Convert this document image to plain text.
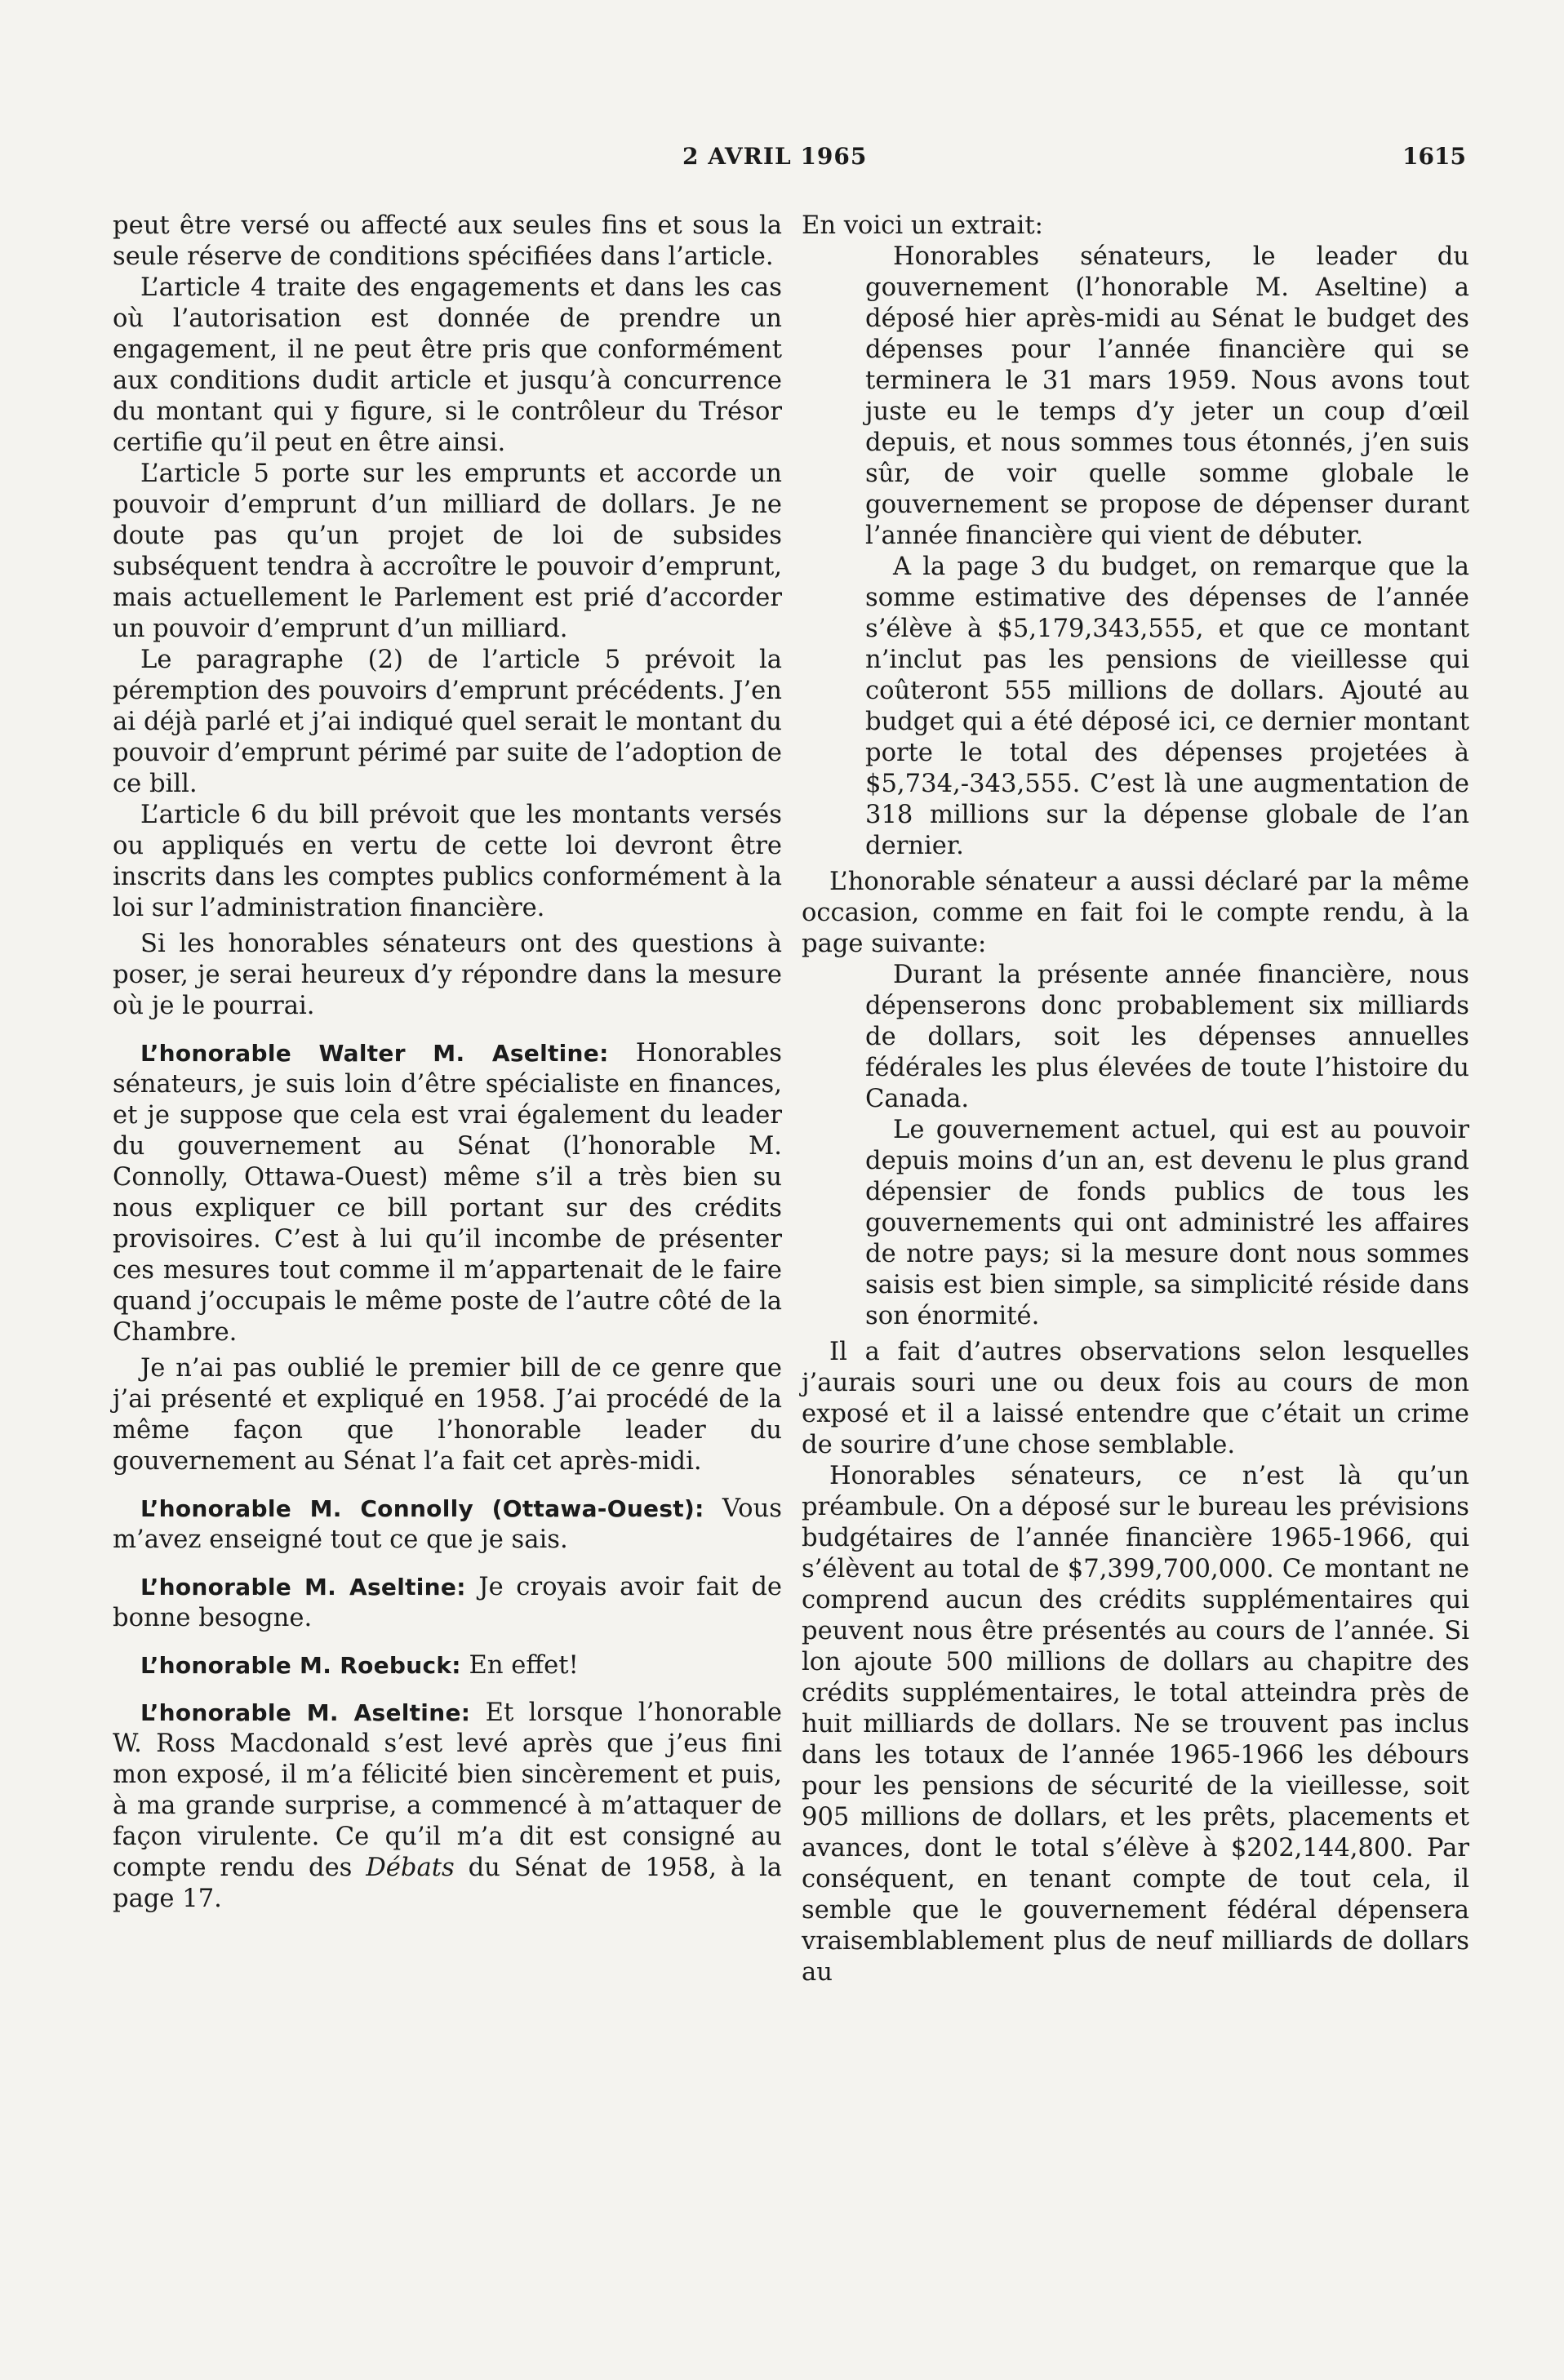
2 AVRIL 1965	1615

peut être versé ou affecté aux seules fins et sous la seule réserve de conditions spécifiées dans l’article.

L’article 4 traite des engagements et dans les cas où l’autorisation est donnée de prendre un engagement, il ne peut être pris que conformément aux conditions dudit article et jusqu’à concurrence du montant qui y figure, si le contrôleur du Trésor certifie qu’il peut en être ainsi.

L’article 5 porte sur les emprunts et accorde un pouvoir d’emprunt d’un milliard de dollars. Je ne doute pas qu’un projet de loi de subsides subséquent tendra à accroître le pouvoir d’emprunt, mais actuellement le Parlement est prié d’accorder un pouvoir d’emprunt d’un milliard.

Le paragraphe (2) de l’article 5 prévoit la péremption des pouvoirs d’emprunt précédents. J’en ai déjà parlé et j’ai indiqué quel serait le montant du pouvoir d’emprunt périmé par suite de l’adoption de ce bill.

L’article 6 du bill prévoit que les montants versés ou appliqués en vertu de cette loi devront être inscrits dans les comptes publics conformément à la loi sur l’administration financière.

Si les honorables sénateurs ont des questions à po᠎ser, je serai heureux d’y répondre dans la mesure où je le pourrai.

L’honorable Walter M. Aseltine: Honorables sénateurs, je suis loin d’être spécialiste en finances, et je suppose que cela est vrai également du leader du gouvernement au Sénat (l’honorable M. Connolly, Ottawa-Ouest) même s’il a très bien su nous expliquer ce bill portant sur des crédits provisoires. C’est à lui qu’il incombe de présenter ces mesures tout comme il m’appartenait de le faire quand j’occupais le même poste de l’autre côté de la Chambre.

Je n’ai pas oublié le premier bill de ce genre que j’ai présenté et expliqué en 1958. J’ai procédé de la même façon que l’honorable leader du gouvernement au Sénat l’a fait cet après-midi.

L’honorable M. Connolly (Ottawa-Ouest): Vous m’avez enseigné tout ce que je sais.

L’honorable M. Aseltine: Je croyais avoir fait de bonne besogne.

L’honorable M. Roebuck: En effet!

L’honorable M. Aseltine: Et lorsque l’honorable W. Ross Macdonald s’est levé après que j’eus fini mon exposé, il m’a félicité bien sincèrement et puis, à ma grande surprise, a commencé à m’attaquer de façon virulente. Ce qu’il m’a dit est consigné au compte rendu des Débats du Sénat de 1958, à la page 17.

En voici un extrait:

Honorables sénateurs, le leader du gouvernement (l’honorable M. Aseltine) a déposé hier après-midi au Sénat le budget des dépenses pour l’année financière qui se terminera le 31 mars 1959. Nous avons tout juste eu le temps d’y jeter un coup d’œil depuis, et nous sommes tous étonnés, j’en suis sûr, de voir quelle somme globale le gouvernement se propose de dépenser durant l’année financière qui vient de débuter.

A la page 3 du budget, on remarque que la somme estimative des dépenses de l’année s’élève à $5,179,343,555, et que ce montant n’inclut pas les pensions de vieillesse qui coûteront 555 millions de dollars. Ajouté au budget qui a été déposé ici, ce dernier montant porte le total des dépenses projetées à $5,734,-343,555. C’est là une augmentation de 318 millions sur la dépense globale de l’an dernier.

L’honorable sénateur a aussi déclaré par la même occasion, comme en fait foi le compte rendu, à la page suivante:

Durant la présente année financière, nous dépenserons donc probablement six milliards de dollars, soit les dépenses annuelles fédérales les plus élevées de toute l’histoire du Canada.

Le gouvernement actuel, qui est au pouvoir depuis moins d’un an, est devenu le plus grand dépensier de fonds publics de tous les gouvernements qui ont administré les affaires de notre pays; si la mesure dont nous sommes saisis est bien simple, sa simplicité réside dans son énormité.

Il a fait d’autres observations selon lesquelles j’aurais souri une ou deux fois au cours de mon exposé et il a laissé entendre que c’était un crime de sourire d’une chose semblable.

Honorables sénateurs, ce n’est là qu’un préambule. On a déposé sur le bureau les prévisions budgétaires de l’année financière 1965-1966, qui s’élèvent au total de $7,399,700,000. Ce montant ne comprend aucun des crédits supplémentaires qui peuvent nous être présentés au cours de l’année. Si lon ajoute 500 millions de dollars au chapitre des crédits supplémentaires, le total atteindra près de huit milliards de dollars. Ne se trouvent pas inclus dans les totaux de l’année 1965-1966 les débours pour les pensions de sécurité de la vieillesse, soit 905 millions de dollars, et les prêts, placements et avances, dont le total s’élève à $202,144,800. Par conséquent, en tenant compte de tout cela, il semble que le gouvernement fédéral dépensera vraisemblablement plus de neuf milliards de dollars au
